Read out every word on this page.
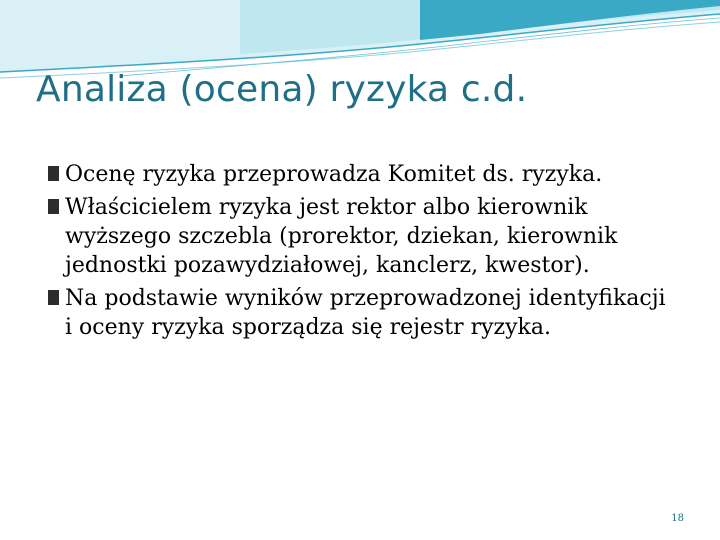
Analiza (ocena) ryzyka c.d.
Ocenę ryzyka przeprowadza Komitet ds. ryzyka.
Właścicielem ryzyka jest rektor albo kierownik wyższego szczebla (prorektor, dziekan, kierownik jednostki pozawydziałowej, kanclerz, kwestor).
Na podstawie wyników przeprowadzonej identyfikacji i oceny ryzyka sporządza się rejestr ryzyka.
18
